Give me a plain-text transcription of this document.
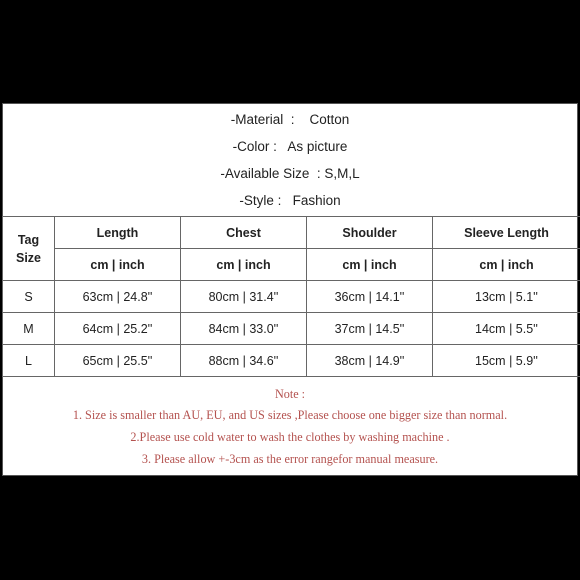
-Material  :    Cotton
-Color :   As picture
-Available Size  : S,M,L
-Style :   Fashion
Tag
Size	Length	Chest	Shoulder	Sleeve Length
	cm | inch	cm | inch	cm | inch	cm | inch
S	63cm | 24.8''	80cm | 31.4''	36cm | 14.1''	13cm | 5.1''
M	64cm | 25.2''	84cm | 33.0''	37cm | 14.5''	14cm | 5.5''
L	65cm | 25.5''	88cm | 34.6''	38cm | 14.9''	15cm | 5.9''
Note :
1. Size is smaller than AU, EU, and US sizes ,Please choose one bigger size than normal.
2.Please use cold water to wash the clothes by washing machine .
3. Please allow +-3cm as the error rangefor manual measure.
